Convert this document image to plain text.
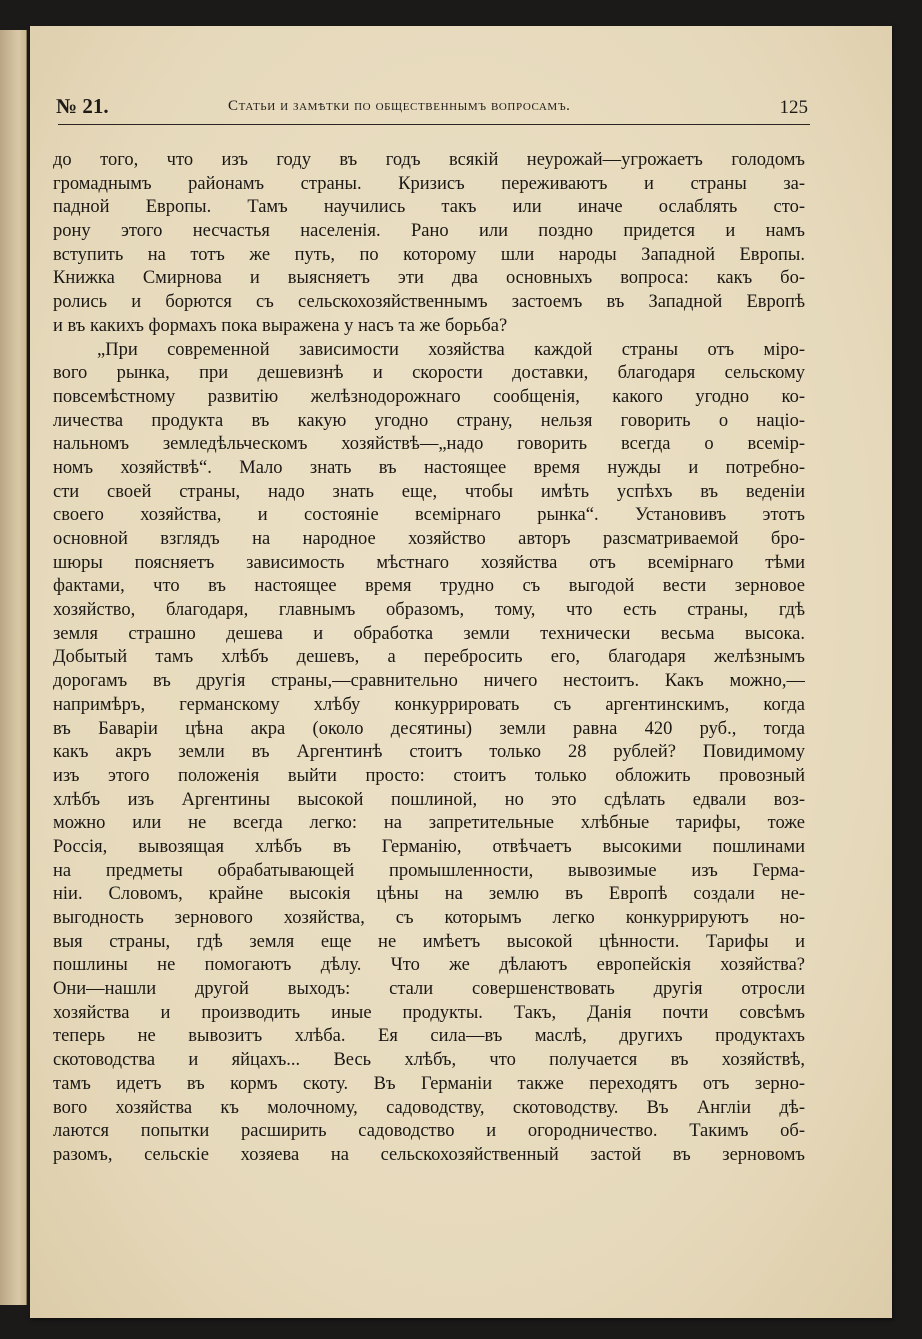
№ 21.	Статьи и замѣтки по общественнымъ вопросамъ.	125
до того, что изъ году въ годъ всякій неурожай—угрожаетъ голодомъ
громаднымъ районамъ страны. Кризисъ переживаютъ и страны за-
падной Европы. Тамъ научились такъ или иначе ослаблять сто-
рону этого несчастья населенія. Рано или поздно придется и намъ
вступить на тотъ же путь, по которому шли народы Западной Европы.
Книжка Смирнова и выясняетъ эти два основныхъ вопроса: какъ бо-
ролись и борются съ сельскохозяйственнымъ застоемъ въ Западной Европѣ
и въ какихъ формахъ пока выражена у насъ та же борьба?
„При современной зависимости хозяйства каждой страны отъ міро-
вого рынка, при дешевизнѣ и скорости доставки, благодаря сельскому
повсемѣстному развитію желѣзнодорожнаго сообщенія, какого угодно ко-
личества продукта въ какую угодно страну, нельзя говорить о націо-
нальномъ земледѣльческомъ хозяйствѣ—„надо говорить всегда о всемір-
номъ хозяйствѣ“. Мало знать въ настоящее время нужды и потребно-
сти своей страны, надо знать еще, чтобы имѣть успѣхъ въ веденіи
своего хозяйства, и состояніе всемірнаго рынка“. Установивъ этотъ
основной взглядъ на народное хозяйство авторъ разсматриваемой бро-
шюры поясняетъ зависимость мѣстнаго хозяйства отъ всемірнаго тѣми
фактами, что въ настоящее время трудно съ выгодой вести зерновое
хозяйство, благодаря, главнымъ образомъ, тому, что есть страны, гдѣ
земля страшно дешева и обработка земли технически весьма высока.
Добытый тамъ хлѣбъ дешевъ, а перебросить его, благодаря желѣзнымъ
дорогамъ въ другія страны,—сравнительно ничего нестоитъ. Какъ можно,—
напримѣръ, германскому хлѣбу конкуррировать съ аргентинскимъ, когда
въ Баваріи цѣна акра (около десятины) земли равна 420 руб., тогда
какъ акръ земли въ Аргентинѣ стоитъ только 28 рублей? Повидимому
изъ этого положенія выйти просто: стоитъ только обложить провозный
хлѣбъ изъ Аргентины высокой пошлиной, но это сдѣлать едвали воз-
можно или не всегда легко: на запретительные хлѣбные тарифы, тоже
Россія, вывозящая хлѣбъ въ Германію, отвѣчаетъ высокими пошлинами
на предметы обрабатывающей промышленности, вывозимые изъ Герма-
ніи. Словомъ, крайне высокія цѣны на землю въ Европѣ создали не-
выгодность зернового хозяйства, съ которымъ легко конкуррируютъ но-
выя страны, гдѣ земля еще не имѣетъ высокой цѣнности. Тарифы и
пошлины не помогаютъ дѣлу. Что же дѣлаютъ европейскія хозяйства?
Они—нашли другой выходъ: стали совершенствовать другія отросли
хозяйства и производить иные продукты. Такъ, Данія почти совсѣмъ
теперь не вывозитъ хлѣба. Ея сила—въ маслѣ, другихъ продуктахъ
скотоводства и яйцахъ... Весь хлѣбъ, что получается въ хозяйствѣ,
тамъ идетъ въ кормъ скоту. Въ Германіи также переходятъ отъ зерно-
вого хозяйства къ молочному, садоводству, скотоводству. Въ Англіи дѣ-
лаются попытки расширить садоводство и огородничество. Такимъ об-
разомъ, сельскіе хозяева на сельскохозяйственный застой въ зерновомъ
